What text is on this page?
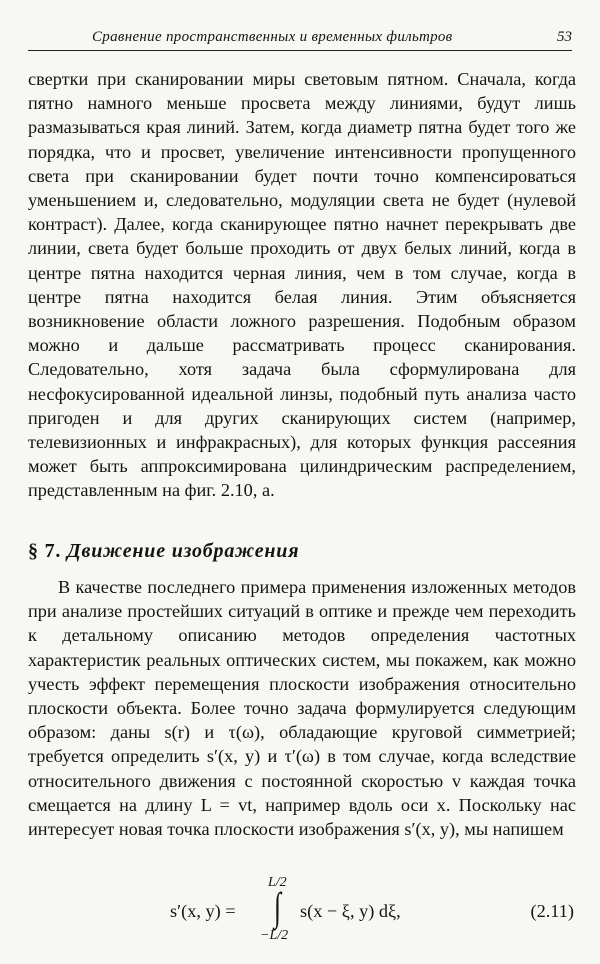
Сравнение пространственных и временных фильтров	53

свертки при сканировании миры световым пятном. Сначала, когда пятно намного меньше просвета между линиями, будут лишь размазываться края линий. Затем, когда диаметр пятна будет того же порядка, что и просвет, увеличение интенсивности пропущенного света при сканировании будет почти точно компенсироваться уменьшением и, следовательно, модуляции света не будет (нулевой контраст). Далее, когда сканирующее пятно начнет перекрывать две линии, света будет больше проходить от двух белых линий, когда в центре пятна находится черная линия, чем в том случае, когда в центре пятна находится белая линия. Этим объясняется возникновение области ложного разрешения. Подобным образом можно и дальше рассматривать процесс сканирования. Следовательно, хотя задача была сформулирована для несфокусированной идеальной линзы, подобный путь анализа часто пригоден и для других сканирующих систем (например, телевизионных и инфракрасных), для которых функция рассеяния может быть аппроксимирована цилиндрическим распределением, представленным на фиг. 2.10, а.

§ 7. Движение изображения

В качестве последнего примера применения изложенных методов при анализе простейших ситуаций в оптике и прежде чем переходить к детальному описанию методов определения частотных характеристик реальных оптических систем, мы покажем, как можно учесть эффект перемещения плоскости изображения относительно плоскости объекта. Более точно задача формулируется следующим образом: даны s(r) и τ(ω), обладающие круговой симметрией; требуется определить s′(x, y) и τ′(ω) в том случае, когда вследствие относительного движения с постоянной скоростью v каждая точка смещается на длину L = vt, например вдоль оси x. Поскольку нас интересует новая точка плоскости изображения s′(x, y), мы напишем

L/2
s′(x, y) = ∫ s(x − ξ, y) dξ,
−L/2
(2.11)
